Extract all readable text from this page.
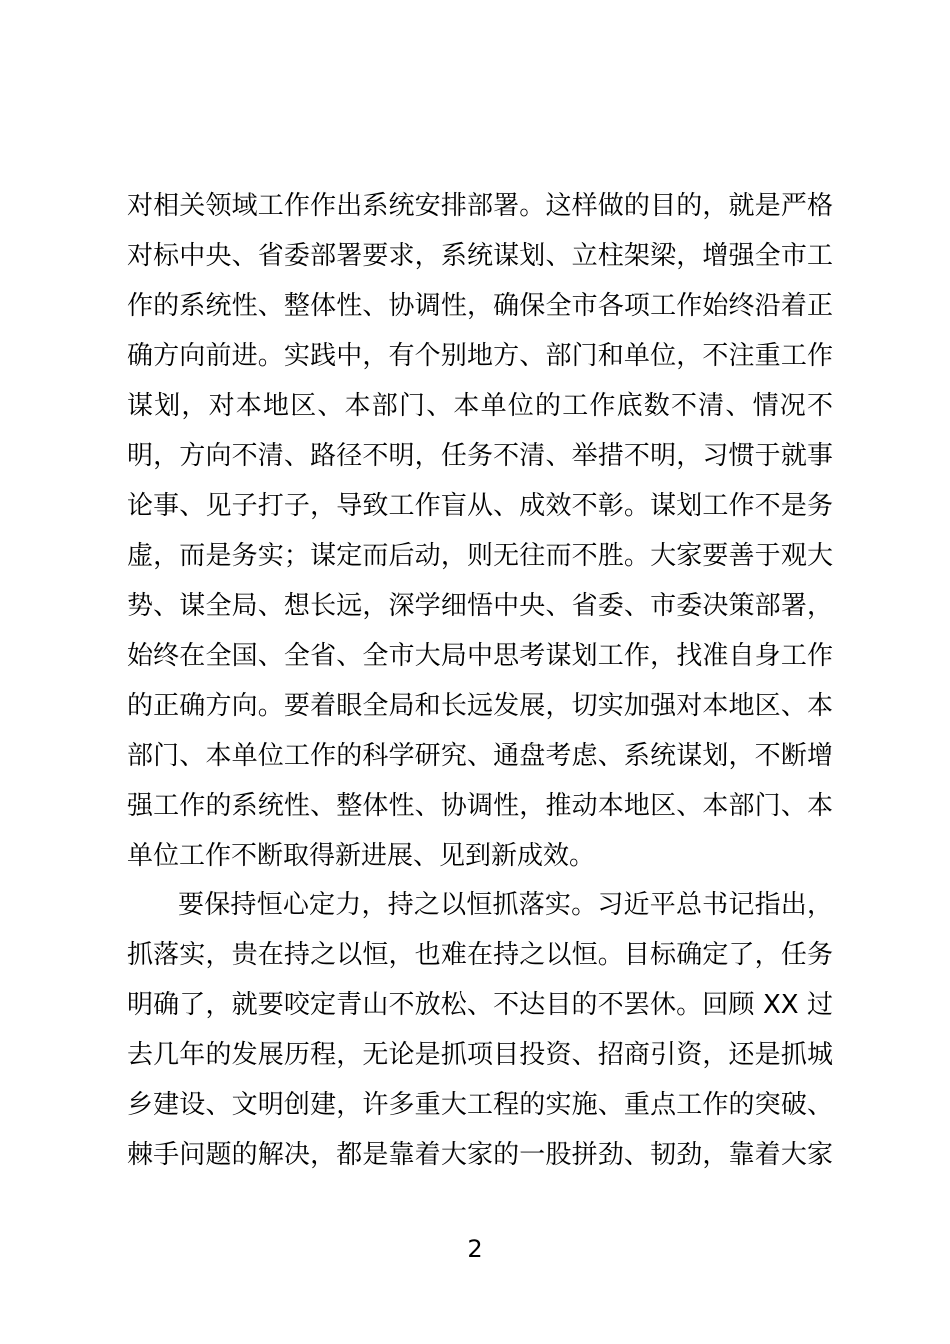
对相关领域工作作出系统安排部署。这样做的目的，就是严格
对标中央、省委部署要求，系统谋划、立柱架梁，增强全市工
作的系统性、整体性、协调性，确保全市各项工作始终沿着正
确方向前进。实践中，有个别地方、部门和单位，不注重工作
谋划，对本地区、本部门、本单位的工作底数不清、情况不
明，方向不清、路径不明，任务不清、举措不明，习惯于就事
论事、见子打子，导致工作盲从、成效不彰。谋划工作不是务
虚，而是务实；谋定而后动，则无往而不胜。大家要善于观大
势、谋全局、想长远，深学细悟中央、省委、市委决策部署，
始终在全国、全省、全市大局中思考谋划工作，找准自身工作
的正确方向。要着眼全局和长远发展，切实加强对本地区、本
部门、本单位工作的科学研究、通盘考虑、系统谋划，不断增
强工作的系统性、整体性、协调性，推动本地区、本部门、本
单位工作不断取得新进展、见到新成效。
要保持恒心定力，持之以恒抓落实。习近平总书记指出，
抓落实，贵在持之以恒，也难在持之以恒。目标确定了，任务
明确了，就要咬定青山不放松、不达目的不罢休。回顾 XX 过
去几年的发展历程，无论是抓项目投资、招商引资，还是抓城
乡建设、文明创建，许多重大工程的实施、重点工作的突破、
棘手问题的解决，都是靠着大家的一股拼劲、韧劲，靠着大家
2
